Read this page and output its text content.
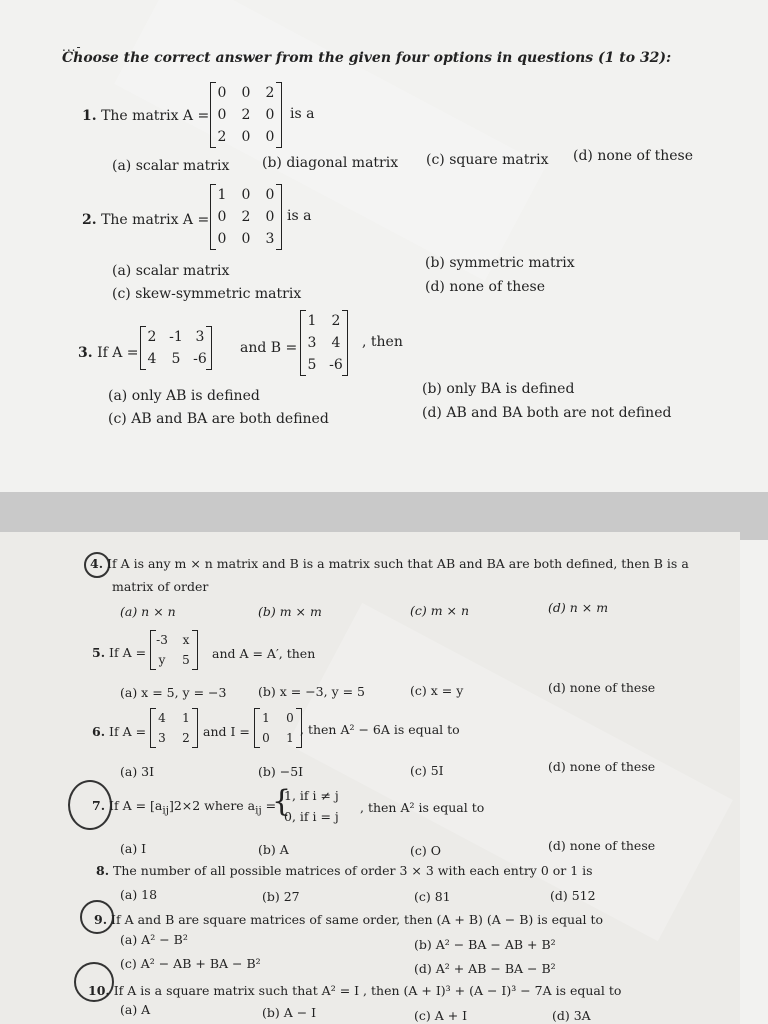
...-
Choose the correct answer from the given four options in questions (1 to 32):
1. The matrix A =
0 0 2
0 2 0
2 0 0
is a
(a) scalar matrix (b) diagonal matrix (c) square matrix (d) none of these
2. The matrix A =
1 0 0
0 2 0
0 0 3
is a
(a) scalar matrix	(b) symmetric matrix
(c) skew-symmetric matrix	(d) none of these
3. If A =
2 -1 3
4 5 -6
and B =
1 2
3 4
5 -6
, then
(a) only AB is defined	(b) only BA is defined
(c) AB and BA are both defined	(d) AB and BA both are not defined
4. If A is any m × n matrix and B is a matrix such that AB and BA are both defined, then B is a
matrix of order
(a) n × n	(b) m × m	(c) m × n	(d) n × m
5. If A =
-3	x
y	5 and A = A′, then
(a) x = 5, y = −3	(b) x = −3, y = 5	(c) x = y	(d) none of these
6. If A =
4 1
3 2 and I =
1 0
0 1
, then A² − 6A is equal to
(a) 3I	(b) −5I	(c) 5I	(d) none of these
7. If $A = [a_{ij}]2\times 2$ where $a_{ij}$ =
{
1, if i ≠ j
0, if i = j
, then A² is equal to
(a) I	(b) A	(c) O	(d) none of these
8. The number of all possible matrices of order 3 × 3 with each entry 0 or 1 is
(a) 18	(b) 27	(c) 81	(d) 512
9. If A and B are square matrices of same order, then (A + B) (A − B) is equal to
(a) A² − B²	(b) A² − BA − AB + B²
(c) A² − AB + BA − B²	(d) A² + AB − BA − B²
10. If A is a square matrix such that A² = I , then (A + I)³ + (A − I)³ − 7A is equal to
(a) A	(b) A − I	(c) A + I	(d) 3A
